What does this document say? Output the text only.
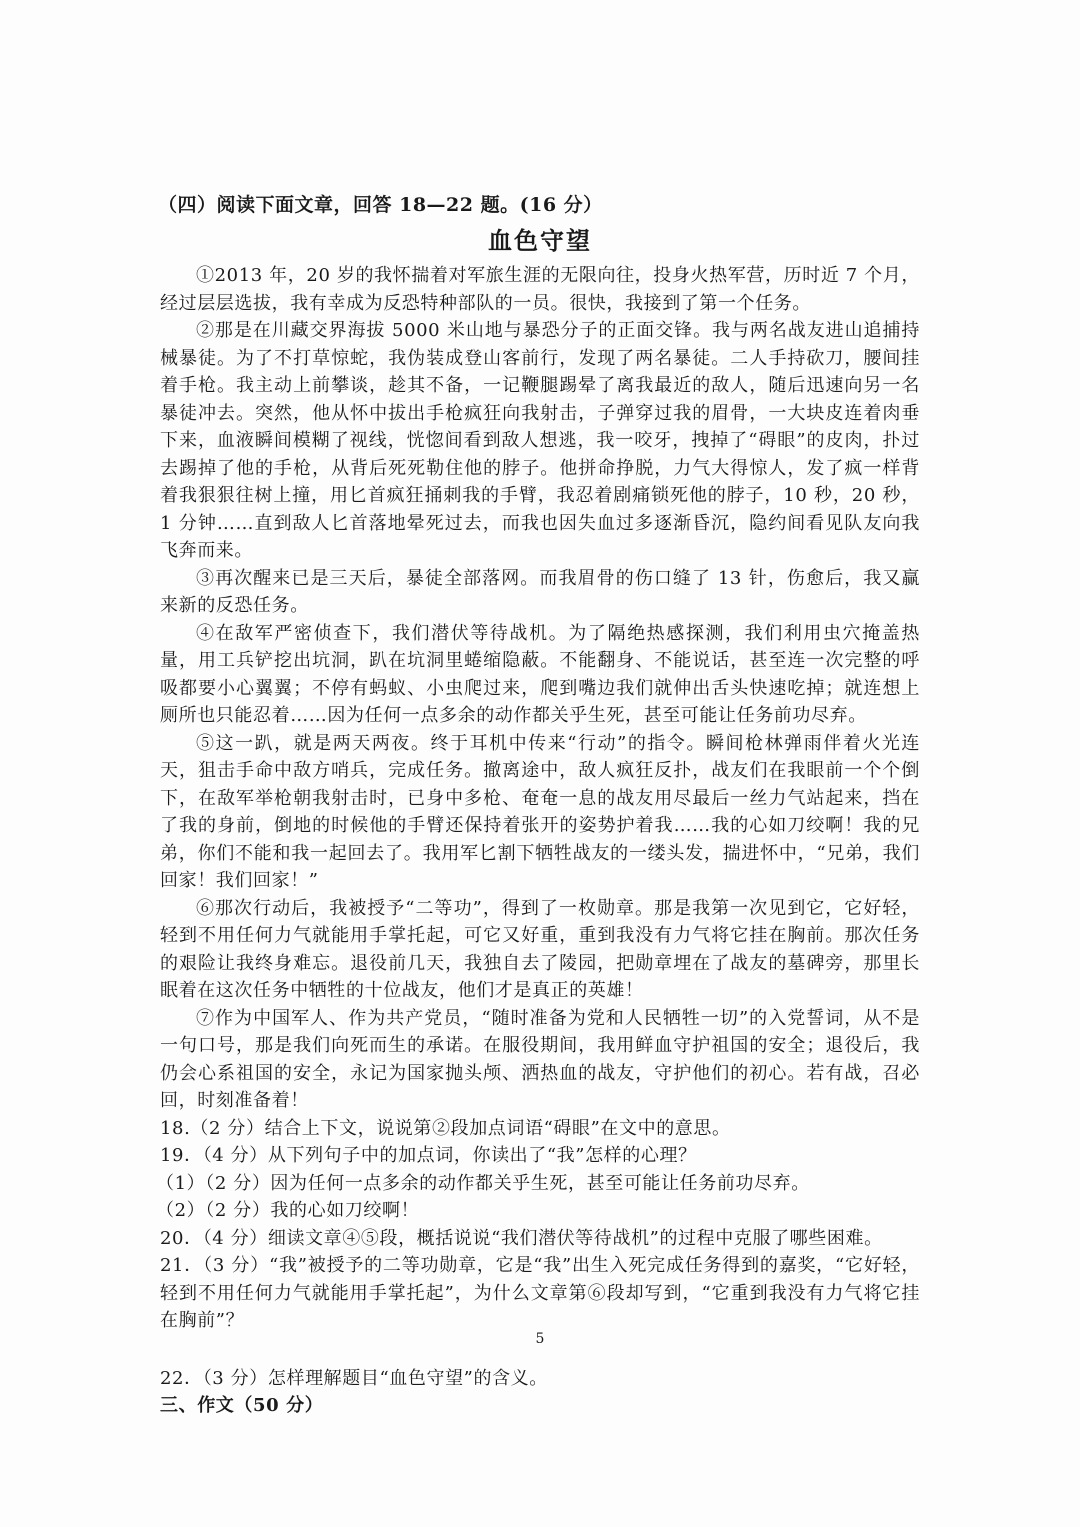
（四）阅读下面文章，回答 18—22 题。(16 分）
血色守望

①2013 年，20 岁的我怀揣着对军旅生涯的无限向往，投身火热军营，历时近 7 个月，经过层层选拔，我有幸成为反恐特种部队的一员。很快，我接到了第一个任务。

②那是在川藏交界海拔 5000 米山地与暴恐分子的正面交锋。我与两名战友进山追捕持械暴徒。为了不打草惊蛇，我伪装成登山客前行，发现了两名暴徒。二人手持砍刀，腰间挂着手枪。我主动上前攀谈，趁其不备，一记鞭腿踢晕了离我最近的敌人，随后迅速向另一名暴徒冲去。突然，他从怀中拔出手枪疯狂向我射击，子弹穿过我的眉骨，一大块皮连着肉垂下来，血液瞬间模糊了视线，恍惚间看到敌人想逃，我一咬牙，拽掉了“碍眼”的皮肉，扑过去踢掉了他的手枪，从背后死死勒住他的脖子。他拼命挣脱，力气大得惊人，发了疯一样背着我狠狠往树上撞，用匕首疯狂捅刺我的手臂，我忍着剧痛锁死他的脖子，10 秒，20 秒，1 分钟……直到敌人匕首落地晕死过去，而我也因失血过多逐渐昏沉，隐约间看见队友向我飞奔而来。

③再次醒来已是三天后，暴徒全部落网。而我眉骨的伤口缝了 13 针，伤愈后，我又赢来新的反恐任务。

④在敌军严密侦查下，我们潜伏等待战机。为了隔绝热感探测，我们利用虫穴掩盖热量，用工兵铲挖出坑洞，趴在坑洞里蜷缩隐蔽。不能翻身、不能说话，甚至连一次完整的呼吸都要小心翼翼；不停有蚂蚁、小虫爬过来，爬到嘴边我们就伸出舌头快速吃掉；就连想上厕所也只能忍着……因为任何一点多余的动作都关乎生死，甚至可能让任务前功尽弃。

⑤这一趴，就是两天两夜。终于耳机中传来“行动”的指令。瞬间枪林弹雨伴着火光连天，狙击手命中敌方哨兵，完成任务。撤离途中，敌人疯狂反扑，战友们在我眼前一个个倒下，在敌军举枪朝我射击时，已身中多枪、奄奄一息的战友用尽最后一丝力气站起来，挡在了我的身前，倒地的时候他的手臂还保持着张开的姿势护着我……我的心如刀绞啊！我的兄弟，你们不能和我一起回去了。我用军匕割下牺牲战友的一缕头发，揣进怀中，“兄弟，我们回家！我们回家！”

⑥那次行动后，我被授予“二等功”，得到了一枚勋章。那是我第一次见到它，它好轻，轻到不用任何力气就能用手掌托起，可它又好重，重到我没有力气将它挂在胸前。那次任务的艰险让我终身难忘。退役前几天，我独自去了陵园，把勋章埋在了战友的墓碑旁，那里长眠着在这次任务中牺牲的十位战友，他们才是真正的英雄！

⑦作为中国军人、作为共产党员，“随时准备为党和人民牺牲一切”的入党誓词，从不是一句口号，那是我们向死而生的承诺。在服役期间，我用鲜血守护祖国的安全；退役后，我仍会心系祖国的安全，永记为国家抛头颅、洒热血的战友，守护他们的初心。若有战，召必回，时刻准备着！

18.（2 分）结合上下文，说说第②段加点词语“碍眼”在文中的意思。

19．（4 分）从下列句子中的加点词，你读出了“我”怎样的心理？

（1）（2 分）因为任何一点多余的动作都关乎生死，甚至可能让任务前功尽弃。

（2）（2 分）我的心如刀绞啊！

20．（4 分）细读文章④⑤段，概括说说“我们潜伏等待战机”的过程中克服了哪些困难。

21．（3 分）“我”被授予的二等功勋章，它是“我”出生入死完成任务得到的嘉奖，“它好轻，轻到不用任何力气就能用手掌托起”，为什么文章第⑥段却写到，“它重到我没有力气将它挂在胸前”？

22．（3 分）怎样理解题目“血色守望”的含义。

三、作文（50 分）
5
